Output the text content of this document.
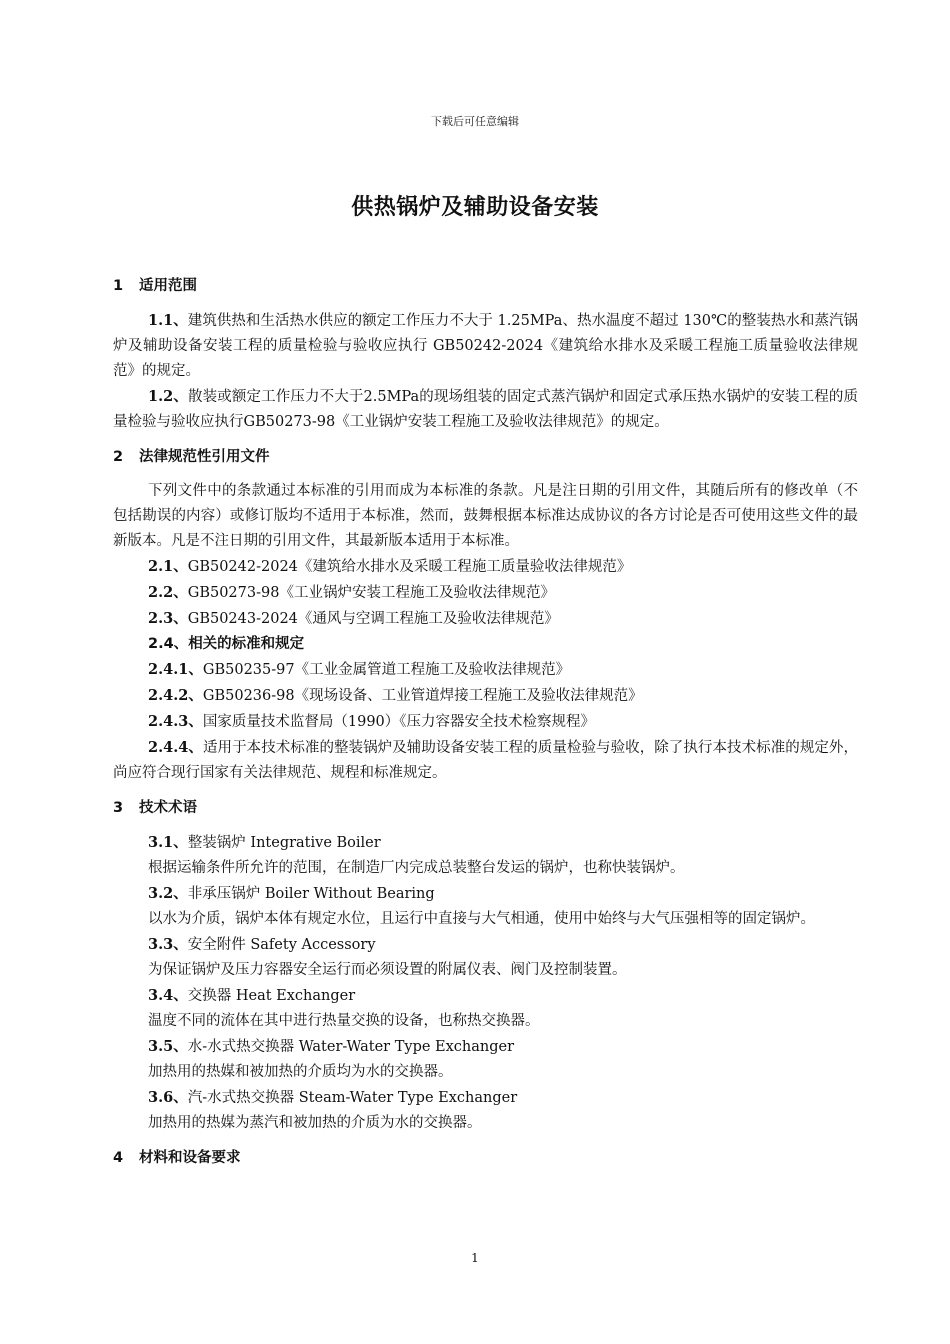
下载后可任意编辑
供热锅炉及辅助设备安装

1 适用范围

1.1、建筑供热和生活热水供应的额定工作压力不大于 1.25MPa、热水温度不超过 130℃的整装热水和蒸汽锅炉及辅助设备安装工程的质量检验与验收应执行 GB50242-2024《建筑给水排水及采暖工程施工质量验收法律规范》的规定。

1.2、散装或额定工作压力不大于2.5MPa的现场组装的固定式蒸汽锅炉和固定式承压热水锅炉的安装工程的质量检验与验收应执行GB50273-98《工业锅炉安装工程施工及验收法律规范》的规定。

2 法律规范性引用文件

下列文件中的条款通过本标准的引用而成为本标准的条款。凡是注日期的引用文件，其随后所有的修改单（不包括勘误的内容）或修订版均不适用于本标准，然而，鼓舞根据本标准达成协议的各方讨论是否可使用这些文件的最新版本。凡是不注日期的引用文件，其最新版本适用于本标准。

2.1、GB50242-2024《建筑给水排水及采暖工程施工质量验收法律规范》

2.2、GB50273-98《工业锅炉安装工程施工及验收法律规范》

2.3、GB50243-2024《通风与空调工程施工及验收法律规范》

2.4、相关的标准和规定

2.4.1、GB50235-97《工业金属管道工程施工及验收法律规范》

2.4.2、GB50236-98《现场设备、工业管道焊接工程施工及验收法律规范》

2.4.3、国家质量技术监督局（1990）《压力容器安全技术检察规程》

2.4.4、适用于本技术标准的整装锅炉及辅助设备安装工程的质量检验与验收，除了执行本技术标准的规定外，尚应符合现行国家有关法律规范、规程和标准规定。

3 技术术语

3.1、整装锅炉 Integrative Boiler

根据运输条件所允许的范围，在制造厂内完成总装整台发运的锅炉，也称快装锅炉。

3.2、非承压锅炉 Boiler Without Bearing

以水为介质，锅炉本体有规定水位，且运行中直接与大气相通，使用中始终与大气压强相等的固定锅炉。

3.3、安全附件 Safety Accessory

为保证锅炉及压力容器安全运行而必须设置的附属仪表、阀门及控制装置。

3.4、交换器 Heat Exchanger

温度不同的流体在其中进行热量交换的设备，也称热交换器。

3.5、水-水式热交换器 Water-Water Type Exchanger

加热用的热媒和被加热的介质均为水的交换器。

3.6、汽-水式热交换器 Steam-Water Type Exchanger

加热用的热媒为蒸汽和被加热的介质为水的交换器。

4 材料和设备要求

1
